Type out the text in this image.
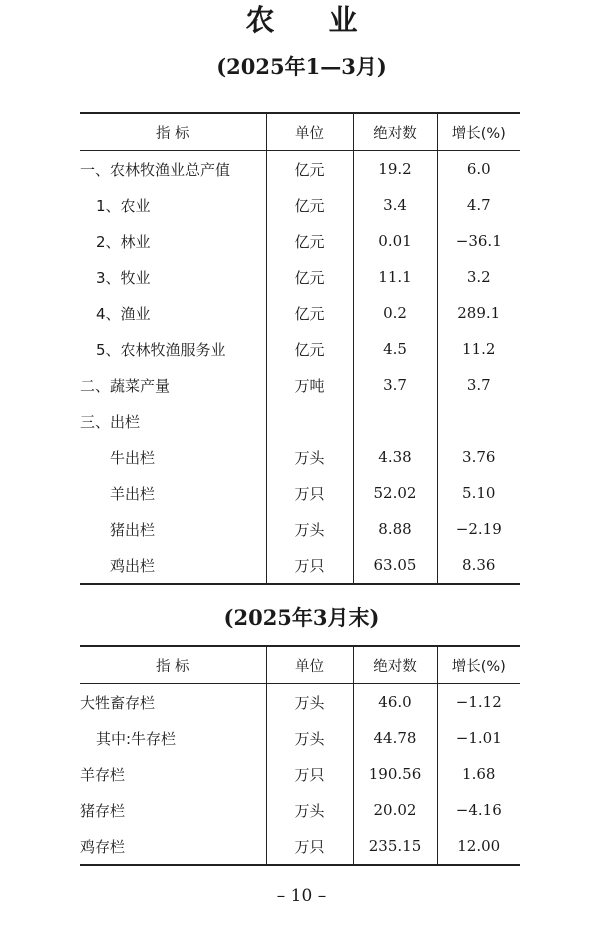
农 业
(2025年1—3月)
指 标	单位	绝对数	增长(%)
一、农林牧渔业总产值	亿元	19.2	6.0
1、农业	亿元	3.4	4.7
2、林业	亿元	0.01	−36.1
3、牧业	亿元	11.1	3.2
4、渔业	亿元	0.2	289.1
5、农林牧渔服务业	亿元	4.5	11.2
二、蔬菜产量	万吨	3.7	3.7
三、出栏			
牛出栏	万头	4.38	3.76
羊出栏	万只	52.02	5.10
猪出栏	万头	8.88	−2.19
鸡出栏	万只	63.05	8.36
(2025年3月末)
指 标	单位	绝对数	增长(%)
大牲畜存栏	万头	46.0	−1.12
其中:牛存栏	万头	44.78	−1.01
羊存栏	万只	190.56	1.68
猪存栏	万头	20.02	−4.16
鸡存栏	万只	235.15	12.00
– 10 –
